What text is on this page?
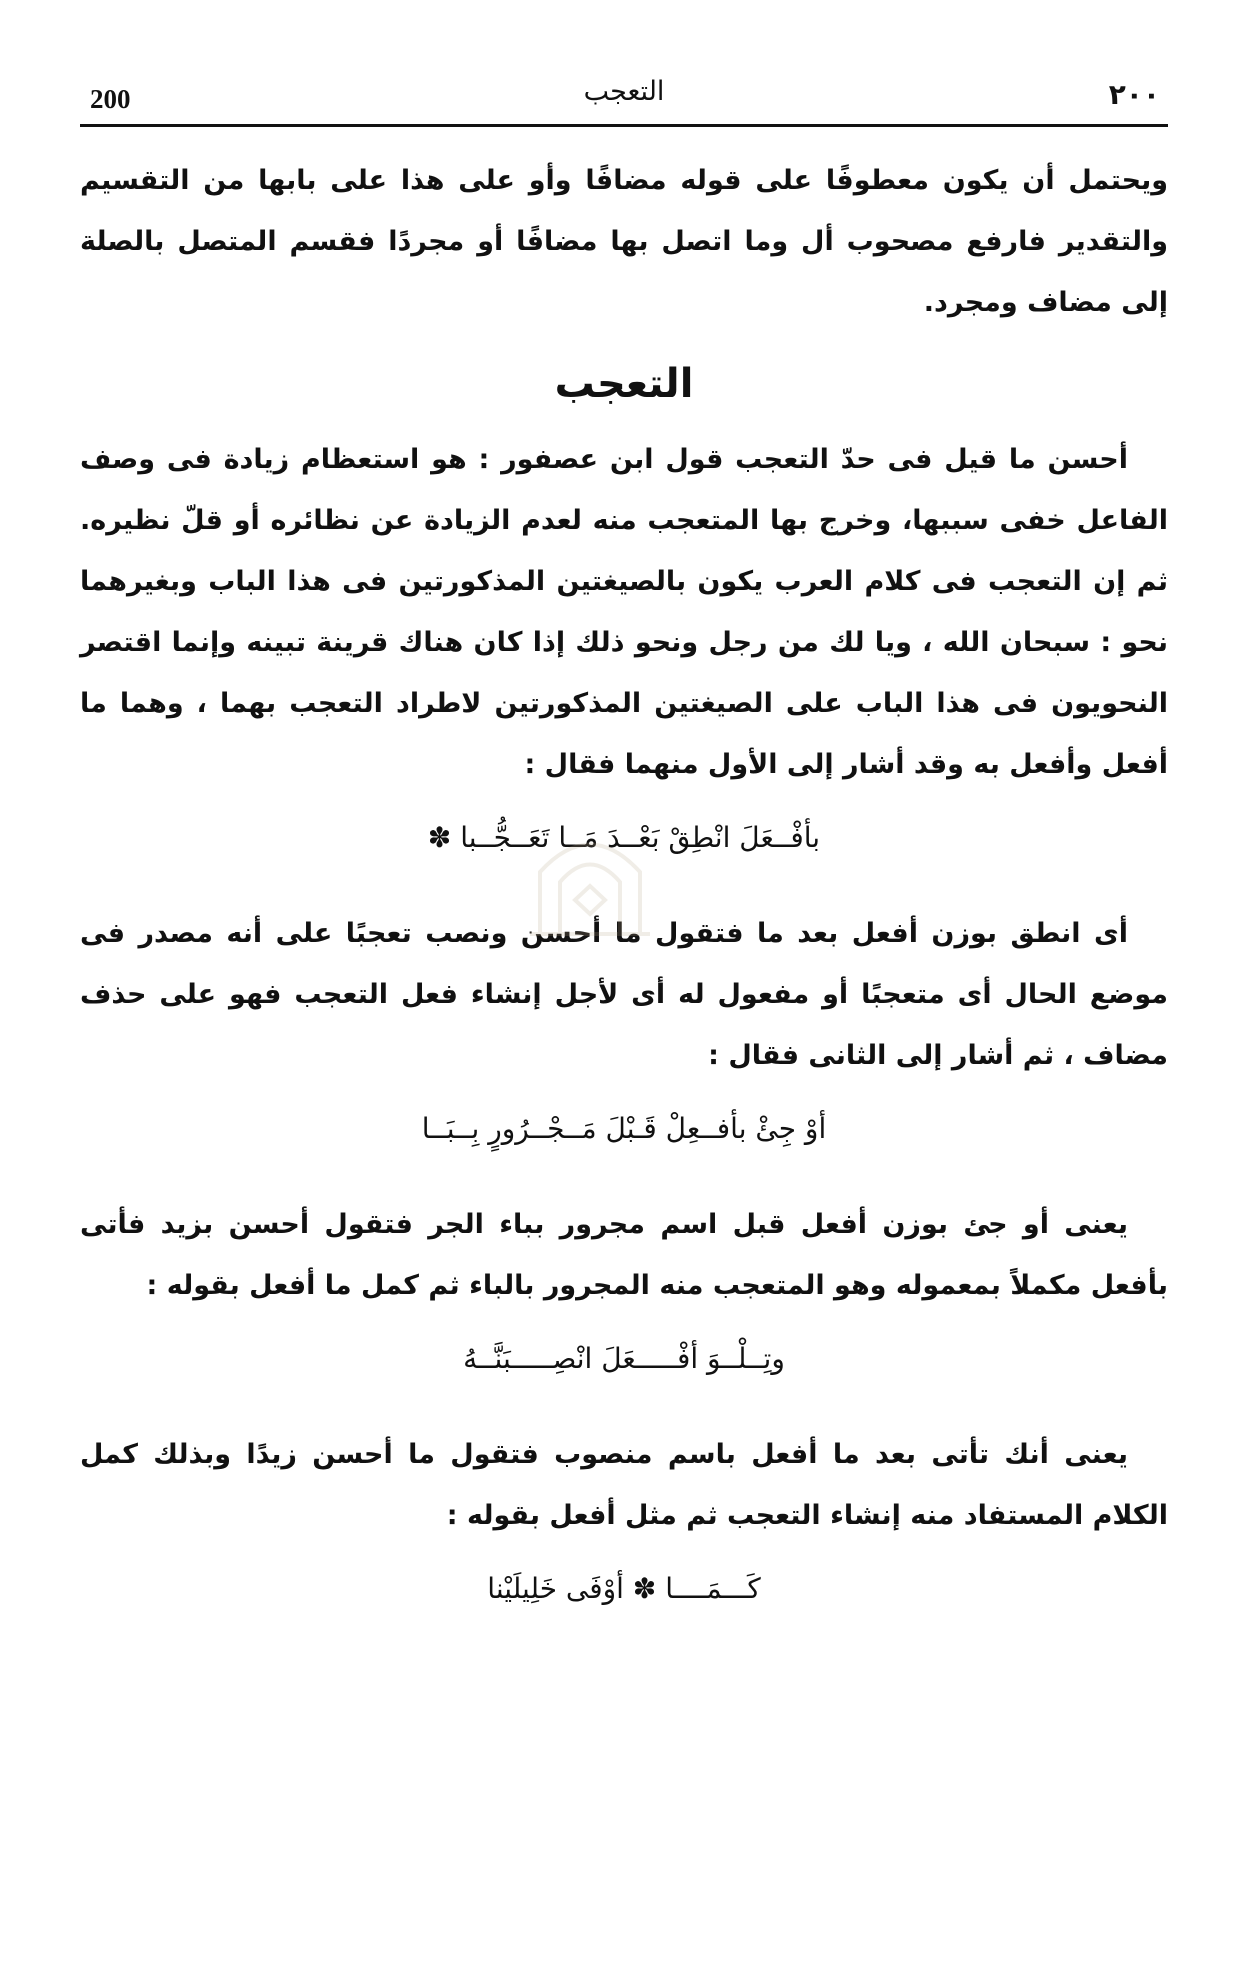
200	التعجب	٢٠٠

ويحتمل أن يكون معطوفًا على قوله مضافًا وأو على هذا على بابها من التقسيم والتقدير فارفع مصحوب أل وما اتصل بها مضافًا أو مجردًا فقسم المتصل بالصلة إلى مضاف ومجرد.

التعجب

أحسن ما قيل فى حدّ التعجب قول ابن عصفور : هو استعظام زيادة فى وصف الفاعل خفى سببها، وخرج بها المتعجب منه لعدم الزيادة عن نظائره أو قلّ نظيره. ثم إن التعجب فى كلام العرب يكون بالصيغتين المذكورتين فى هذا الباب وبغيرهما نحو : سبحان الله ، ويا لك من رجل ونحو ذلك إذا كان هناك قرينة تبينه وإنما اقتصر النحويون فى هذا الباب على الصيغتين المذكورتين لاطراد التعجب بهما ، وهما ما أفعل وأفعل به وقد أشار إلى الأول منهما فقال :

بأفْــعَلَ انْطِقْ بَعْــدَ مَــا تَعَــجُّــبا ✽

أى انطق بوزن أفعل بعد ما فتقول ما أحسن ونصب تعجبًا على أنه مصدر فى موضع الحال أى متعجبًا أو مفعول له أى لأجل إنشاء فعل التعجب فهو على حذف مضاف ، ثم أشار إلى الثانى فقال :

أوْ جِئْ بأفــعِلْ قَـبْلَ مَــجْــرُورٍ بِــبَــا

يعنى أو جئ بوزن أفعل قبل اسم مجرور بباء الجر فتقول أحسن بزيد فأتى بأفعل مكملاً بمعموله وهو المتعجب منه المجرور بالباء ثم كمل ما أفعل بقوله :

وتِــلْــوَ أفْـــــعَلَ انْصِـــــبَنَّــهُ

يعنى أنك تأتى بعد ما أفعل باسم منصوب فتقول ما أحسن زيدًا وبذلك كمل الكلام المستفاد منه إنشاء التعجب ثم مثل أفعل بقوله :

كَـــمَــــا ✽ أوْفَى خَلِيلَيْنا
